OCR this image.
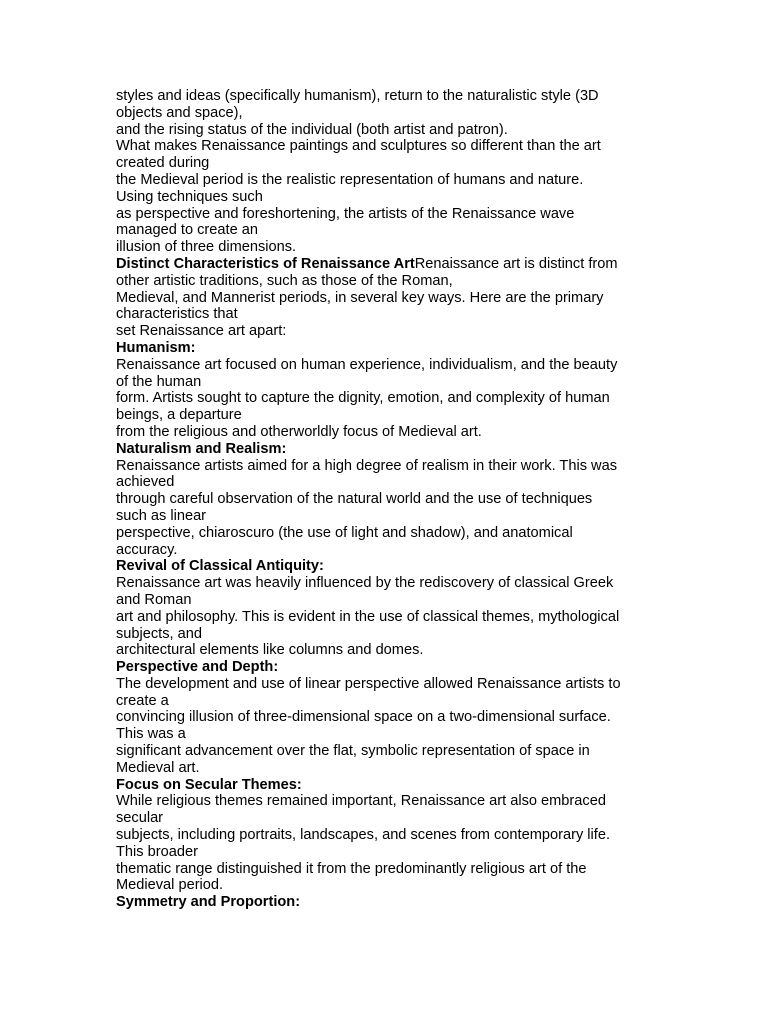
styles and ideas (specifically humanism), return to the naturalistic style (3D
objects and space),
and the rising status of the individual (both artist and patron).
What makes Renaissance paintings and sculptures so different than the art
created during
the Medieval period is the realistic representation of humans and nature.
Using techniques such
as perspective and foreshortening, the artists of the Renaissance wave
managed to create an
illusion of three dimensions.
Distinct Characteristics of Renaissance ArtRenaissance art is distinct from
other artistic traditions, such as those of the Roman,
Medieval, and Mannerist periods, in several key ways. Here are the primary
characteristics that
set Renaissance art apart:
Humanism:
Renaissance art focused on human experience, individualism, and the beauty
of the human
form. Artists sought to capture the dignity, emotion, and complexity of human
beings, a departure
from the religious and otherworldly focus of Medieval art.
Naturalism and Realism:
Renaissance artists aimed for a high degree of realism in their work. This was
achieved
through careful observation of the natural world and the use of techniques
such as linear
perspective, chiaroscuro (the use of light and shadow), and anatomical
accuracy.
Revival of Classical Antiquity:
Renaissance art was heavily influenced by the rediscovery of classical Greek
and Roman
art and philosophy. This is evident in the use of classical themes, mythological
subjects, and
architectural elements like columns and domes.
Perspective and Depth:
The development and use of linear perspective allowed Renaissance artists to
create a
convincing illusion of three-dimensional space on a two-dimensional surface.
This was a
significant advancement over the flat, symbolic representation of space in
Medieval art.
Focus on Secular Themes:
While religious themes remained important, Renaissance art also embraced
secular
subjects, including portraits, landscapes, and scenes from contemporary life.
This broader
thematic range distinguished it from the predominantly religious art of the
Medieval period.
Symmetry and Proportion:
